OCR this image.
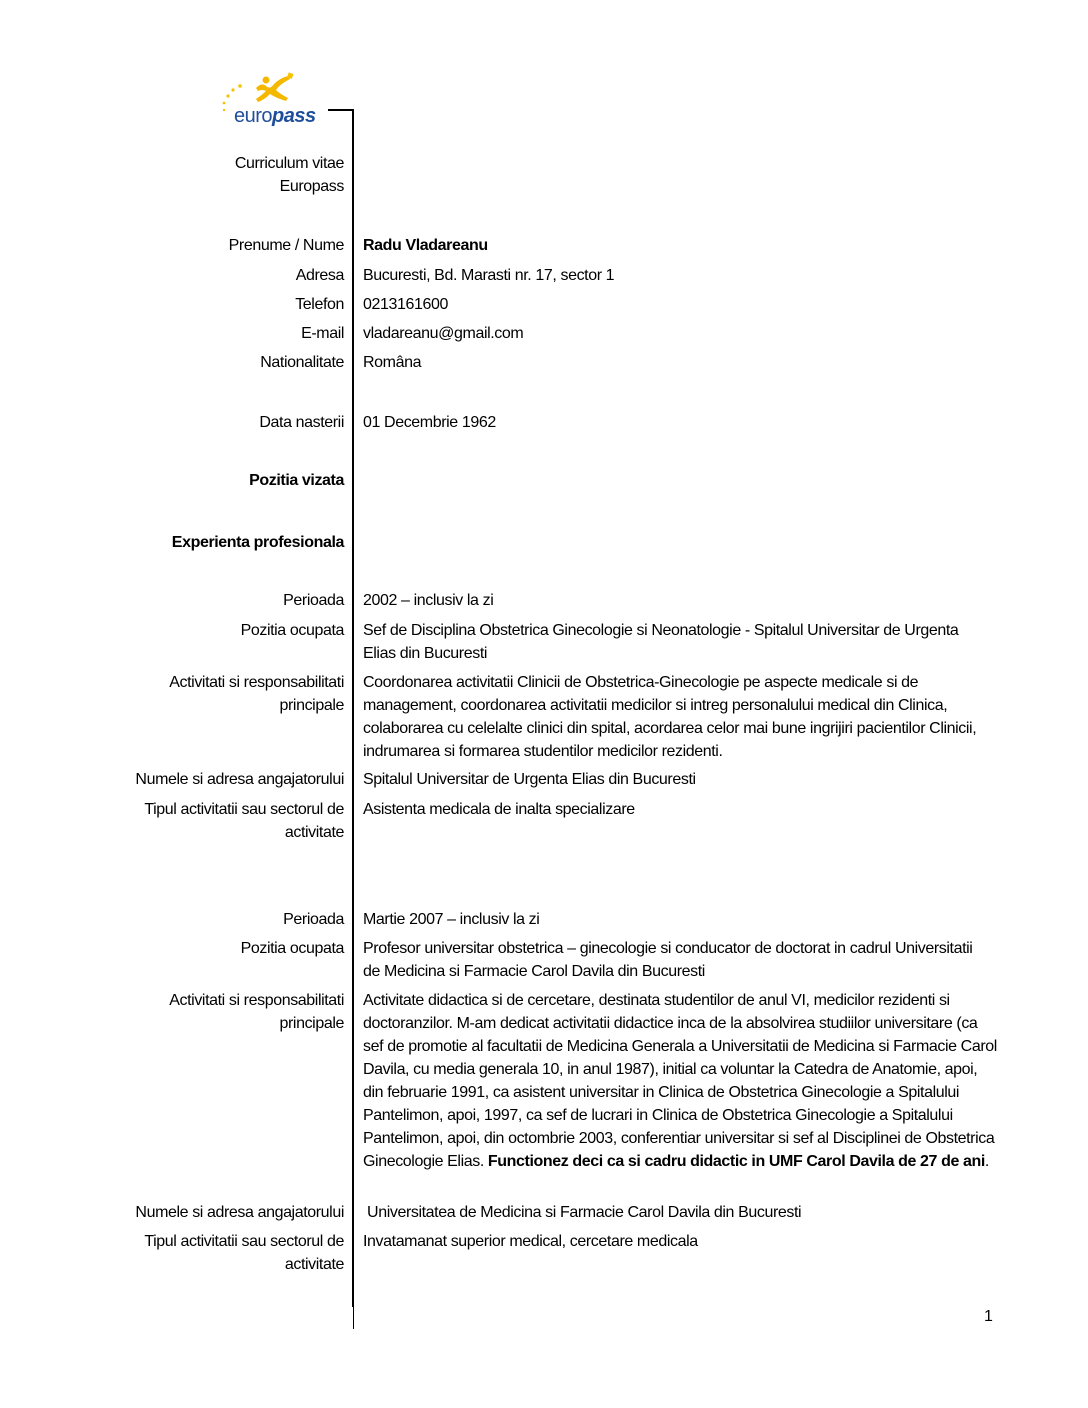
europass
Curriculum vitae
Europass
Prenume / Nume Radu Vladareanu
Adresa Bucuresti, Bd. Marasti nr. 17, sector 1
Telefon 0213161600
E-mail vladareanu@gmail.com
Nationalitate Româna
Data nasterii 01 Decembrie 1962
Pozitia vizata
Experienta profesionala
Perioada 2002 – inclusiv la zi
Pozitia ocupata Sef de Disciplina Obstetrica Ginecologie si Neonatologie - Spitalul Universitar de Urgenta Elias din Bucuresti
Activitati si responsabilitati
principale
Coordonarea activitatii Clinicii de Obstetrica-Ginecologie pe aspecte medicale si de management, coordonarea activitatii medicilor si intreg personalului medical din Clinica, colaborarea cu celelalte clinici din spital, acordarea celor mai bune ingrijiri pacientilor Clinicii, indrumarea si formarea studentilor medicilor rezidenti.
Numele si adresa angajatorului Spitalul Universitar de Urgenta Elias din Bucuresti
Tipul activitatii sau sectorul de
activitate
Asistenta medicala de inalta specializare
Perioada Martie 2007 – inclusiv la zi
Pozitia ocupata Profesor universitar obstetrica – ginecologie si conducator de doctorat in cadrul Universitatii de Medicina si Farmacie Carol Davila din Bucuresti
Activitati si responsabilitati
principale
Activitate didactica si de cercetare, destinata studentilor de anul VI, medicilor rezidenti si doctoranzilor. M-am dedicat activitatii didactice inca de la absolvirea studiilor universitare (ca sef de promotie al facultatii de Medicina Generala a Universitatii de Medicina si Farmacie Carol Davila, cu media generala 10, in anul 1987), initial ca voluntar la Catedra de Anatomie, apoi, din februarie 1991, ca asistent universitar in Clinica de Obstetrica Ginecologie a Spitalului Pantelimon, apoi, 1997, ca sef de lucrari in Clinica de Obstetrica Ginecologie a Spitalului Pantelimon, apoi, din octombrie 2003, conferentiar universitar si sef al Disciplinei de Obstetrica Ginecologie Elias. Functionez deci ca si cadru didactic in UMF Carol Davila de 27 de ani.
Numele si adresa angajatorului Universitatea de Medicina si Farmacie Carol Davila din Bucuresti
Tipul activitatii sau sectorul de
activitate
Invatamanat superior medical, cercetare medicala
1
